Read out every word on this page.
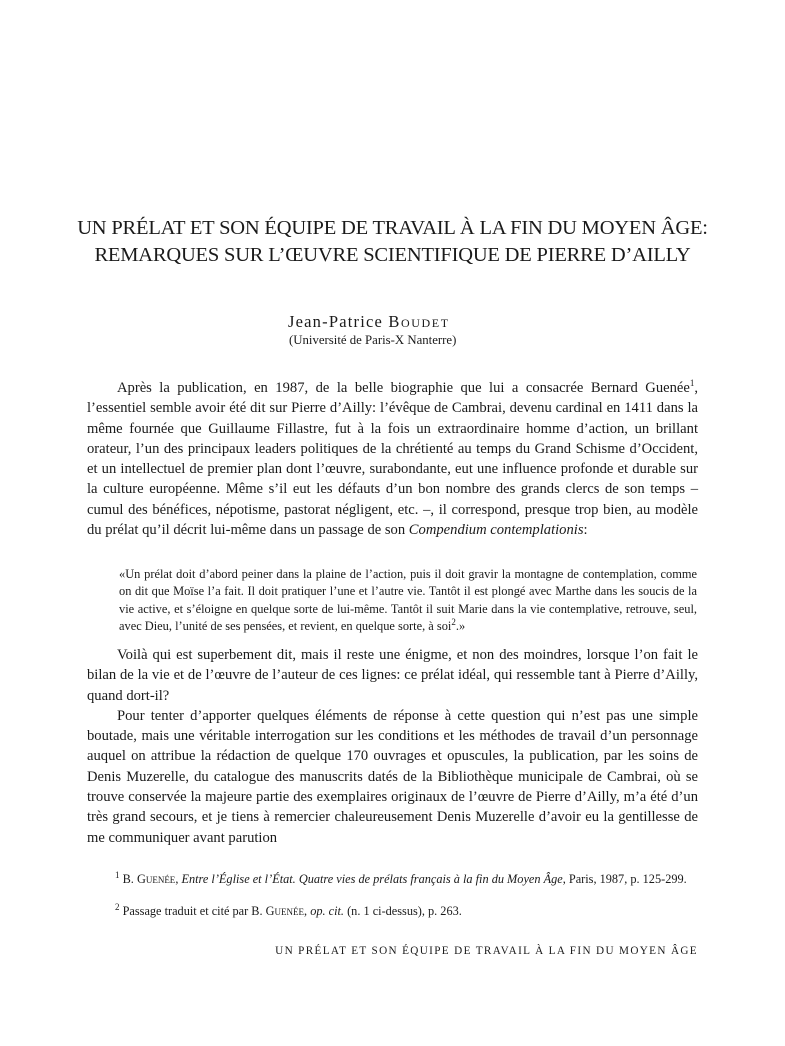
UN PRÉLAT ET SON ÉQUIPE DE TRAVAIL À LA FIN DU MOYEN ÂGE:
REMARQUES SUR L’ŒUVRE SCIENTIFIQUE DE PIERRE D’AILLY
Jean-Patrice Boudet
(Université de Paris-X Nanterre)

Après la publication, en 1987, de la belle biographie que lui a consacrée Bernard Guenée$^1$, l’essentiel semble avoir été dit sur Pierre d’Ailly: l’évêque de Cambrai, devenu cardinal en 1411 dans la même fournée que Guillaume Fillastre, fut à la fois un extraordinaire homme d’action, un brillant orateur, l’un des principaux leaders politiques de la chrétienté au temps du Grand Schisme d’Occident, et un intellectuel de premier plan dont l’œuvre, surabondante, eut une influence profonde et durable sur la culture européenne. Même s’il eut les défauts d’un bon nombre des grands clercs de son temps – cumul des bénéfices, népotisme, pastorat négligent, etc. –, il correspond, presque trop bien, au modèle du prélat qu’il décrit lui-même dans un passage de son Compendium contemplationis:

«Un prélat doit d’abord peiner dans la plaine de l’action, puis il doit gravir la montagne de contemplation, comme on dit que Moïse l’a fait. Il doit pratiquer l’une et l’autre vie. Tantôt il est plongé avec Marthe dans les soucis de la vie active, et s’éloigne en quelque sorte de lui-même. Tantôt il suit Marie dans la vie contemplative, retrouve, seul, avec Dieu, l’unité de ses pensées, et revient, en quelque sorte, à soi$^2$.»

Voilà qui est superbement dit, mais il reste une énigme, et non des moindres, lorsque l’on fait le bilan de la vie et de l’œuvre de l’auteur de ces lignes: ce prélat idéal, qui ressemble tant à Pierre d’Ailly, quand dort-il?

Pour tenter d’apporter quelques éléments de réponse à cette question qui n’est pas une simple boutade, mais une véritable interrogation sur les conditions et les méthodes de travail d’un personnage auquel on attribue la rédaction de quelque 170 ouvrages et opuscules, la publication, par les soins de Denis Muzerelle, du catalogue des manuscrits datés de la Bibliothèque municipale de Cambrai, où se trouve conservée la majeure partie des exemplaires originaux de l’œuvre de Pierre d’Ailly, m’a été d’un très grand secours, et je tiens à remercier chaleureusement Denis Muzerelle d’avoir eu la gentillesse de me communiquer avant parution

$^1$ B. Guenée, Entre l’Église et l’État. Quatre vies de prélats français à la fin du Moyen Âge, Paris, 1987, p. 125-299.
$^2$ Passage traduit et cité par B. Guenée, op. cit. (n. 1 ci-dessus), p. 263.
UN PRÉLAT ET SON ÉQUIPE DE TRAVAIL À LA FIN DU MOYEN ÂGE
